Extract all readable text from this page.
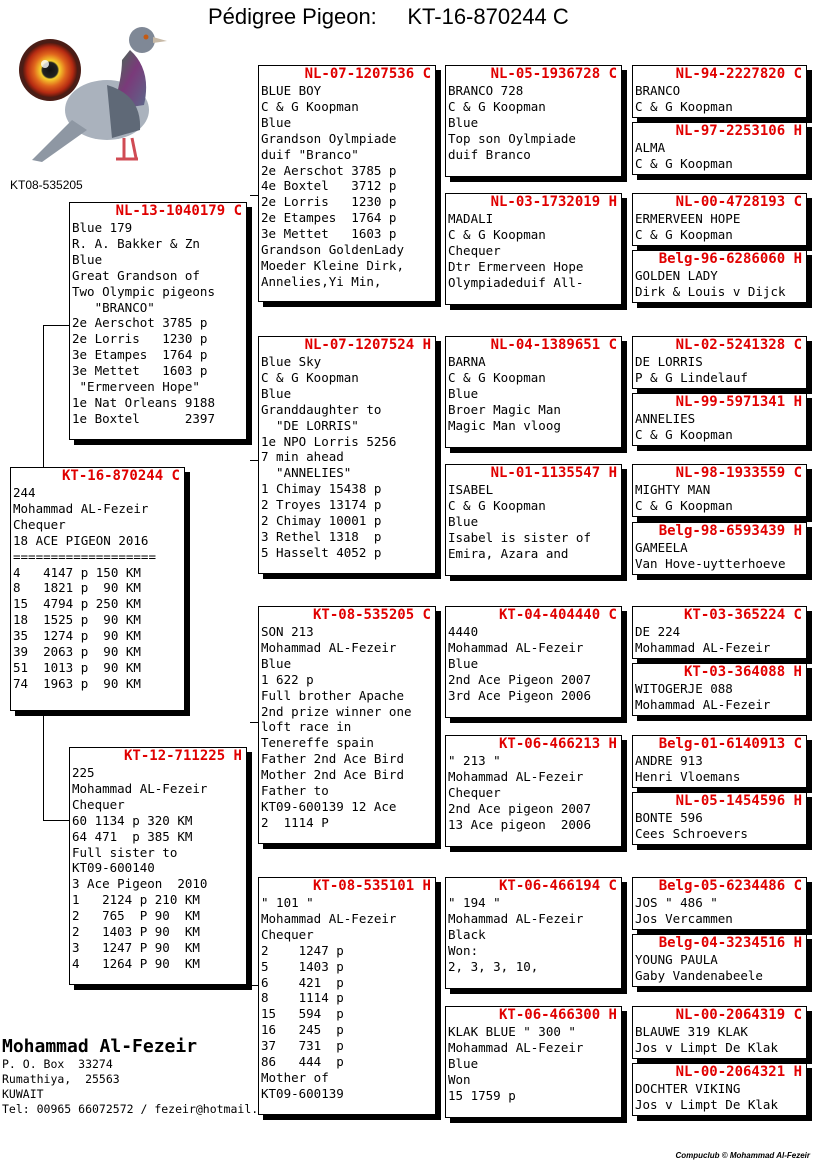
Pédigree Pigeon:     KT-16-870244 C
KT08-535205
KT-16-870244 C
244
Mohammad AL-Fezeir
Chequer
18 ACE PIGEON 2016
===================
4   4147 p 150 KM
8   1821 p  90 KM
15  4794 p 250 KM
18  1525 p  90 KM
35  1274 p  90 KM
39  2063 p  90 KM
51  1013 p  90 KM
74  1963 p  90 KM
NL-13-1040179 C
Blue 179
R. A. Bakker & Zn
Blue
Great Grandson of
Two Olympic pigeons
"BRANCO"
2e Aerschot 3785 p
2e Lorris   1230 p
3e Etampes  1764 p
3e Mettet   1603 p
"Ermerveen Hope"
1e Nat Orleans 9188
1e Boxtel      2397
KT-12-711225 H
225
Mohammad AL-Fezeir
Chequer
60 1134 p 320 KM
64 471  p 385 KM
Full sister to
KT09-600140
3 Ace Pigeon  2010
1   2124 p 210 KM
2   765  P 90  KM
2   1403 P 90  KM
3   1247 P 90  KM
4   1264 P 90  KM
NL-07-1207536 C
BLUE BOY
C & G Koopman
Blue
Grandson Oylmpiade
duif "Branco"
2e Aerschot 3785 p
4e Boxtel   3712 p
2e Lorris   1230 p
2e Etampes  1764 p
3e Mettet   1603 p
Grandson GoldenLady
Moeder Kleine Dirk,
Annelies,Yi Min,
NL-07-1207524 H
Blue Sky
C & G Koopman
Blue
Granddaughter to
"DE LORRIS"
1e NPO Lorris 5256
7 min ahead
"ANNELIES"
1 Chimay 15438 p
2 Troyes 13174 p
2 Chimay 10001 p
3 Rethel 1318  p
5 Hasselt 4052 p
KT-08-535205 C
SON 213
Mohammad AL-Fezeir
Blue
1 622 p
Full brother Apache
2nd prize winner one
loft race in
Tenereffe spain
Father 2nd Ace Bird
Mother 2nd Ace Bird
Father to
KT09-600139 12 Ace
2  1114 P
KT-08-535101 H
" 101 "
Mohammad AL-Fezeir
Chequer
2    1247 p
5    1403 p
6    421  p
8    1114 p
15   594  p
16   245  p
37   731  p
86   444  p
Mother of
KT09-600139
NL-05-1936728 C
BRANCO 728
C & G Koopman
Blue
Top son Oylmpiade
duif Branco
NL-03-1732019 H
MADALI
C & G Koopman
Chequer
Dtr Ermerveen Hope
Olympiadeduif All-
NL-04-1389651 C
BARNA
C & G Koopman
Blue
Broer Magic Man
Magic Man vloog
NL-01-1135547 H
ISABEL
C & G Koopman
Blue
Isabel is sister of
Emira, Azara and
KT-04-404440 C
4440
Mohammad AL-Fezeir
Blue
2nd Ace Pigeon 2007
3rd Ace Pigeon 2006
KT-06-466213 H
" 213 "
Mohammad AL-Fezeir
Chequer
2nd Ace pigeon 2007
13 Ace pigeon  2006
KT-06-466194 C
" 194 "
Mohammad AL-Fezeir
Black
Won:
2, 3, 3, 10,
KT-06-466300 H
KLAK BLUE " 300 "
Mohammad AL-Fezeir
Blue
Won
15 1759 p
NL-94-2227820 C
BRANCO
C & G Koopman
NL-97-2253106 H
ALMA
C & G Koopman
NL-00-4728193 C
ERMERVEEN HOPE
C & G Koopman
Belg-96-6286060 H
GOLDEN LADY
Dirk & Louis v Dijck
NL-02-5241328 C
DE LORRIS
P & G Lindelauf
NL-99-5971341 H
ANNELIES
C & G Koopman
NL-98-1933559 C
MIGHTY MAN
C & G Koopman
Belg-98-6593439 H
GAMEELA
Van Hove-uytterhoeve
KT-03-365224 C
DE 224
Mohammad AL-Fezeir
KT-03-364088 H
WITOGERJE 088
Mohammad AL-Fezeir
Belg-01-6140913 C
ANDRE 913
Henri Vloemans
NL-05-1454596 H
BONTE 596
Cees Schroevers
Belg-05-6234486 C
JOS " 486 "
Jos Vercammen
Belg-04-3234516 H
YOUNG PAULA
Gaby Vandenabeele
NL-00-2064319 C
BLAUWE 319 KLAK
Jos v Limpt De Klak
NL-00-2064321 H
DOCHTER VIKING
Jos v Limpt De Klak
Mohammad Al-Fezeir
P. O. Box  33274
Rumathiya,  25563
KUWAIT
Tel: 00965 66072572 / fezeir@hotmail.
Compuclub © Mohammad Al-Fezeir
